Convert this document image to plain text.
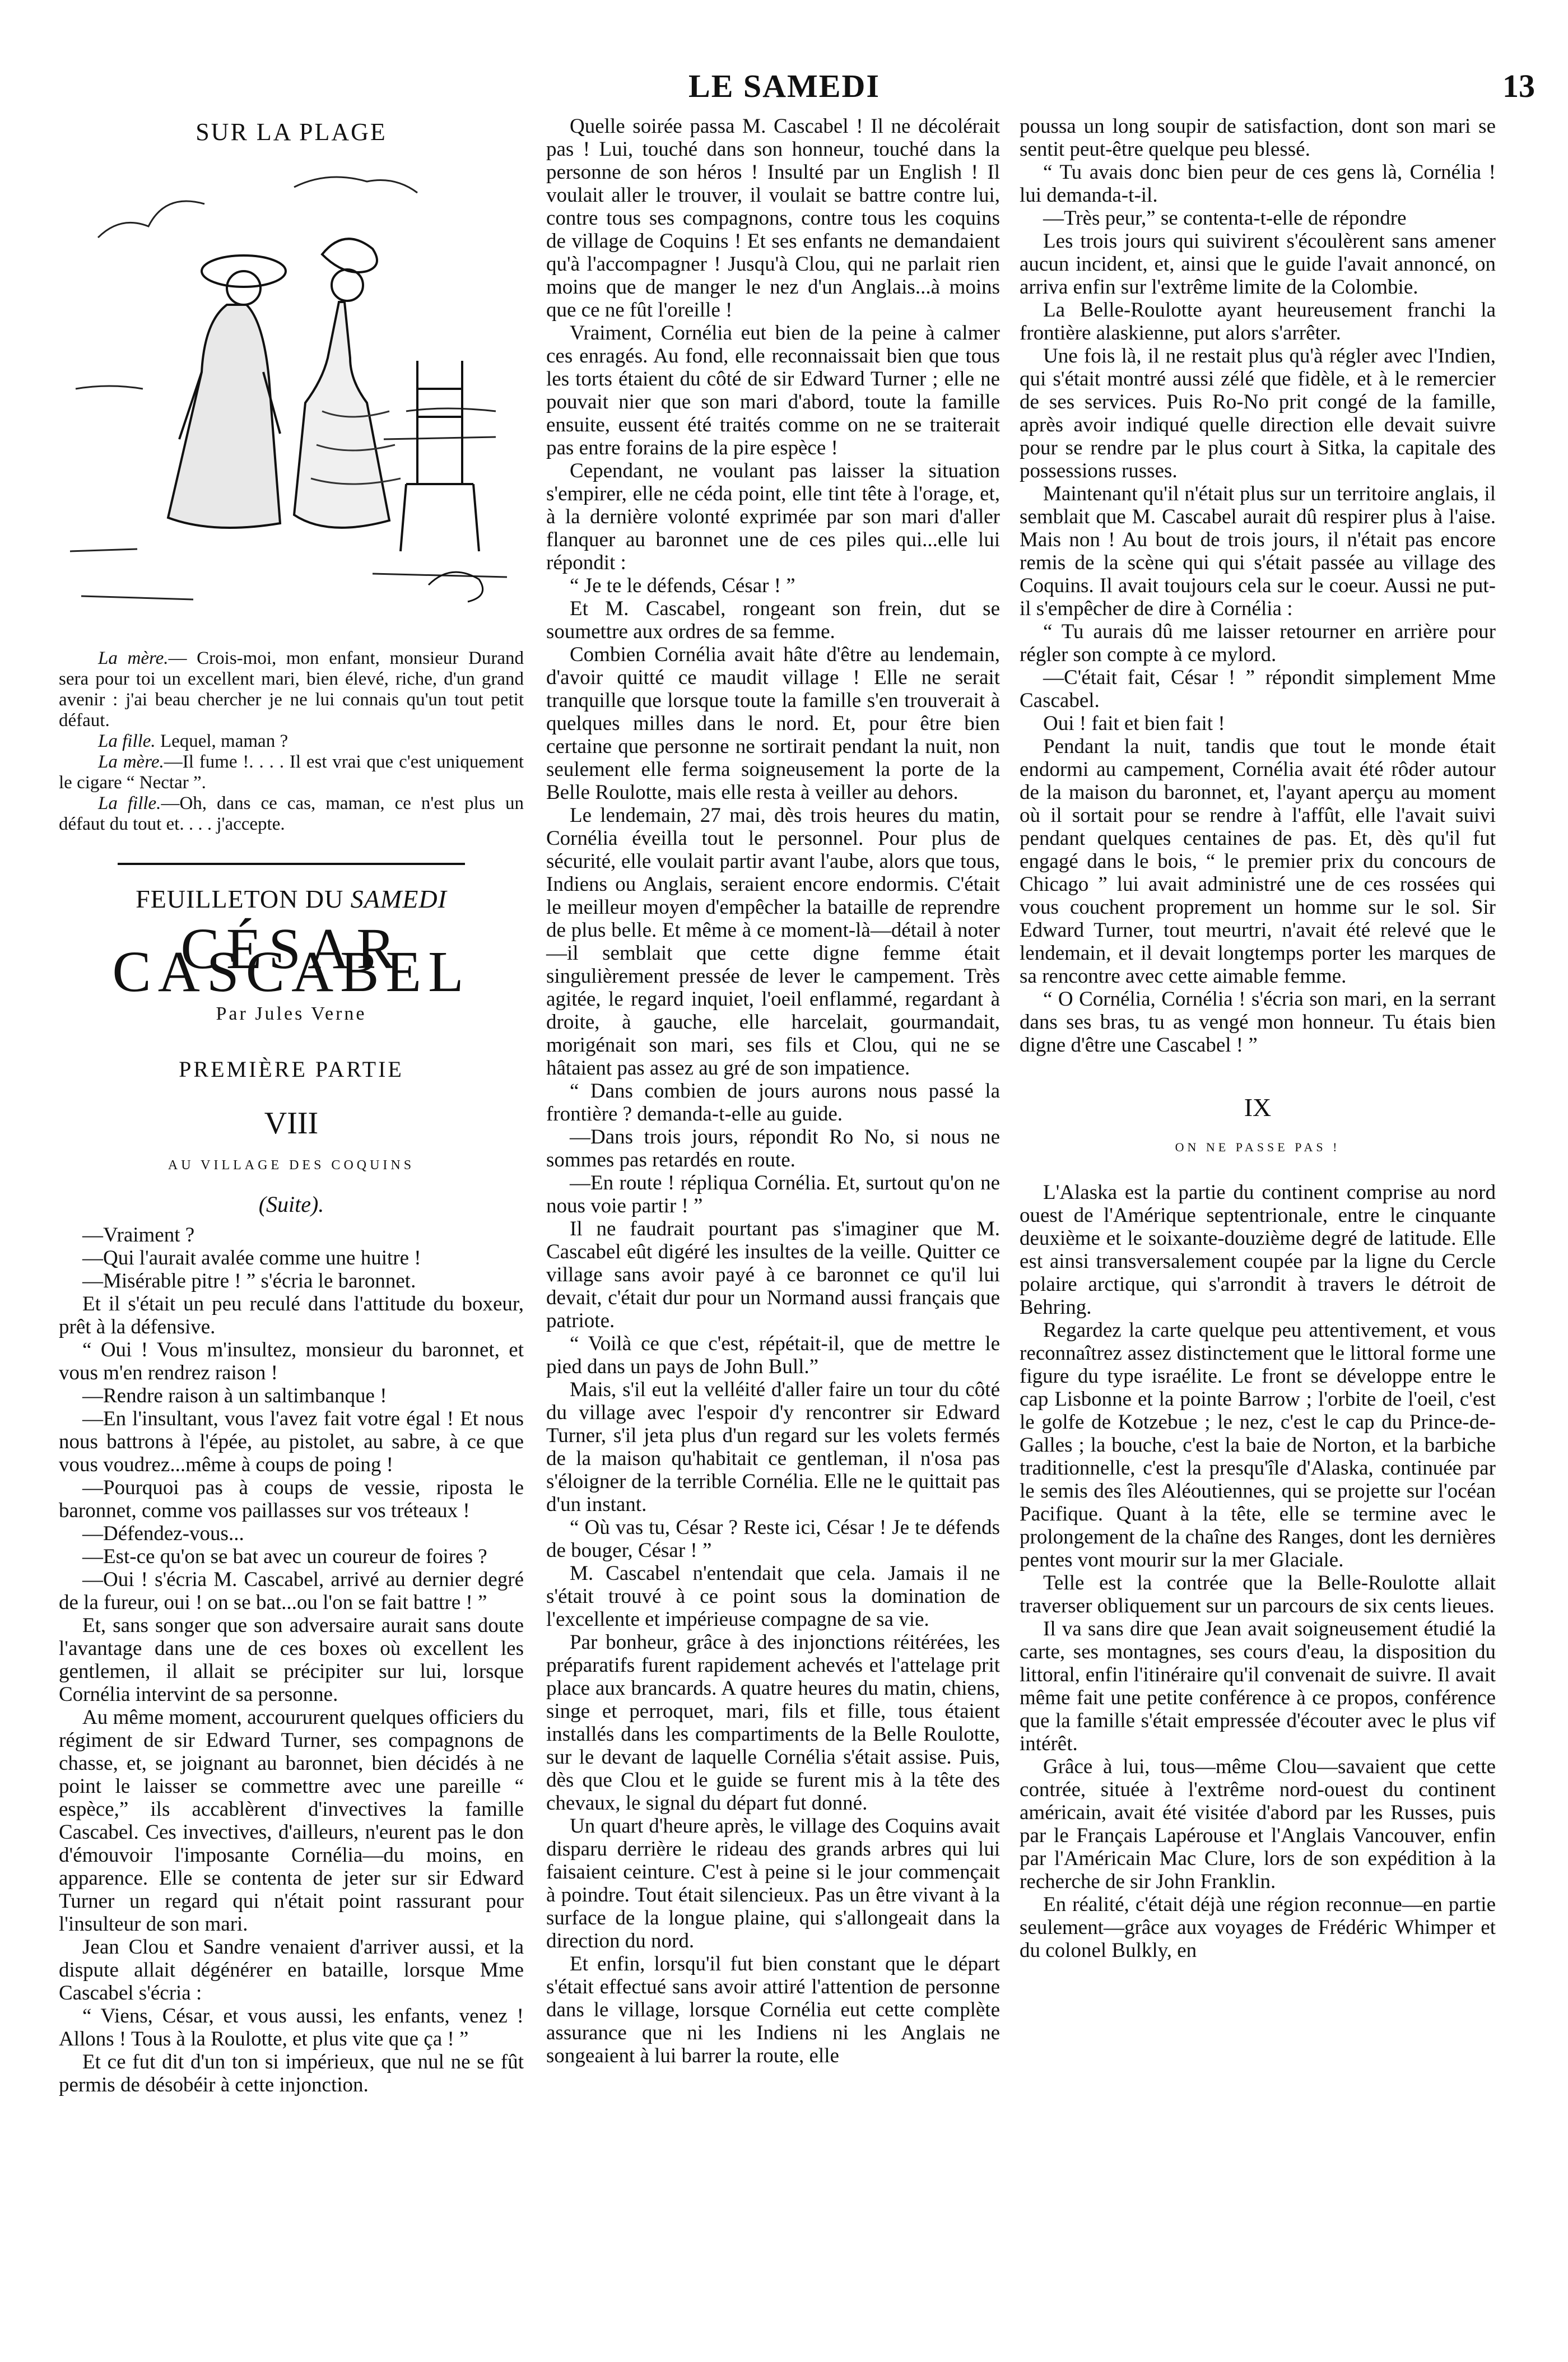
LE SAMEDI	13
SUR LA PLAGE

La mère.— Crois-moi, mon enfant, monsieur Durand sera pour toi un excellent mari, bien élevé, riche, d'un grand avenir : j'ai beau chercher je ne lui connais qu'un tout petit défaut.

La fille. Lequel, maman ?

La mère.—Il fume !. . . . Il est vrai que c'est uniquement le cigare “ Nectar ”.

La fille.—Oh, dans ce cas, maman, ce n'est plus un défaut du tout et. . . . j'accepte.

FEUILLETON DU SAMEDI
CÉSAR CASCABEL
Par Jules Verne
PREMIÈRE PARTIE
VIII
AU VILLAGE DES COQUINS
(Suite).

—Vraiment ?

—Qui l'aurait avalée comme une huitre !

—Misérable pitre ! ” s'écria le baronnet.

Et il s'était un peu reculé dans l'attitude du boxeur, prêt à la défensive.

“ Oui ! Vous m'insultez, monsieur du baronnet, et vous m'en rendrez raison !

—Rendre raison à un saltimbanque !

—En l'insultant, vous l'avez fait votre égal ! Et nous nous battrons à l'épée, au pistolet, au sabre, à ce que vous voudrez...même à coups de poing !

—Pourquoi pas à coups de vessie, riposta le baronnet, comme vos paillasses sur vos tréteaux !

—Défendez-vous...

—Est-ce qu'on se bat avec un coureur de foires ?

—Oui ! s'écria M. Cascabel, arrivé au dernier degré de la fureur, oui ! on se bat...ou l'on se fait battre ! ”

Et, sans songer que son adversaire aurait sans doute l'avantage dans une de ces boxes où excellent les gentlemen, il allait se précipiter sur lui, lorsque Cornélia intervint de sa personne.

Au même moment, accoururent quelques officiers du régiment de sir Edward Turner, ses compagnons de chasse, et, se joignant au baronnet, bien décidés à ne point le laisser se commettre avec une pareille “ espèce,” ils accablèrent d'invectives la famille Cascabel. Ces invectives, d'ailleurs, n'eurent pas le don d'émouvoir l'imposante Cornélia—du moins, en apparence. Elle se contenta de jeter sur sir Edward Turner un regard qui n'était point rassurant pour l'insulteur de son mari.

Jean Clou et Sandre venaient d'arriver aussi, et la dispute allait dégénérer en bataille, lorsque Mme Cascabel s'écria :

“ Viens, César, et vous aussi, les enfants, venez ! Allons ! Tous à la Roulotte, et plus vite que ça ! ”

Et ce fut dit d'un ton si impérieux, que nul ne se fût permis de désobéir à cette injonction.

Quelle soirée passa M. Cascabel ! Il ne décolérait pas ! Lui, touché dans son honneur, touché dans la personne de son héros ! Insulté par un English ! Il voulait aller le trouver, il voulait se battre contre lui, contre tous ses compagnons, contre tous les coquins de village de Coquins ! Et ses enfants ne demandaient qu'à l'accompagner ! Jusqu'à Clou, qui ne parlait rien moins que de manger le nez d'un Anglais...à moins que ce ne fût l'oreille !

Vraiment, Cornélia eut bien de la peine à calmer ces enragés. Au fond, elle reconnaissait bien que tous les torts étaient du côté de sir Edward Turner ; elle ne pouvait nier que son mari d'abord, toute la famille ensuite, eussent été traités comme on ne se traiterait pas entre forains de la pire espèce !

Cependant, ne voulant pas laisser la situation s'empirer, elle ne céda point, elle tint tête à l'orage, et, à la dernière volonté exprimée par son mari d'aller flanquer au baronnet une de ces piles qui...elle lui répondit :

“ Je te le défends, César ! ”

Et M. Cascabel, rongeant son frein, dut se soumettre aux ordres de sa femme.

Combien Cornélia avait hâte d'être au lendemain, d'avoir quitté ce maudit village ! Elle ne serait tranquille que lorsque toute la famille s'en trouverait à quelques milles dans le nord. Et, pour être bien certaine que personne ne sortirait pendant la nuit, non seulement elle ferma soigneusement la porte de la Belle Roulotte, mais elle resta à veiller au dehors.

Le lendemain, 27 mai, dès trois heures du matin, Cornélia éveilla tout le personnel. Pour plus de sécurité, elle voulait partir avant l'aube, alors que tous, Indiens ou Anglais, seraient encore endormis. C'était le meilleur moyen d'empêcher la bataille de reprendre de plus belle. Et même à ce moment-là—détail à noter—il semblait que cette digne femme était singulièrement pressée de lever le campement. Très agitée, le regard inquiet, l'oeil enflammé, regardant à droite, à gauche, elle harcelait, gourmandait, morigénait son mari, ses fils et Clou, qui ne se hâtaient pas assez au gré de son impatience.

“ Dans combien de jours aurons nous passé la frontière ? demanda-t-elle au guide.

—Dans trois jours, répondit Ro No, si nous ne sommes pas retardés en route.

—En route ! répliqua Cornélia. Et, surtout qu'on ne nous voie partir ! ”

Il ne faudrait pourtant pas s'imaginer que M. Cascabel eût digéré les insultes de la veille. Quitter ce village sans avoir payé à ce baronnet ce qu'il lui devait, c'était dur pour un Normand aussi français que patriote.

“ Voilà ce que c'est, répétait-il, que de mettre le pied dans un pays de John Bull.”

Mais, s'il eut la velléité d'aller faire un tour du côté du village avec l'espoir d'y rencontrer sir Edward Turner, s'il jeta plus d'un regard sur les volets fermés de la maison qu'habitait ce gentleman, il n'osa pas s'éloigner de la terrible Cornélia. Elle ne le quittait pas d'un instant.

“ Où vas tu, César ? Reste ici, César ! Je te défends de bouger, César ! ”

M. Cascabel n'entendait que cela. Jamais il ne s'était trouvé à ce point sous la domination de l'excellente et impérieuse compagne de sa vie.

Par bonheur, grâce à des injonctions réitérées, les préparatifs furent rapidement achevés et l'attelage prit place aux brancards. A quatre heures du matin, chiens, singe et perroquet, mari, fils et fille, tous étaient installés dans les compartiments de la Belle Roulotte, sur le devant de laquelle Cornélia s'était assise. Puis, dès que Clou et le guide se furent mis à la tête des chevaux, le signal du départ fut donné.

Un quart d'heure après, le village des Coquins avait disparu derrière le rideau des grands arbres qui lui faisaient ceinture. C'est à peine si le jour commençait à poindre. Tout était silencieux. Pas un être vivant à la surface de la longue plaine, qui s'allongeait dans la direction du nord.

Et enfin, lorsqu'il fut bien constant que le départ s'était effectué sans avoir attiré l'attention de personne dans le village, lorsque Cornélia eut cette complète assurance que ni les Indiens ni les Anglais ne songeaient à lui barrer la route, elle

poussa un long soupir de satisfaction, dont son mari se sentit peut-être quelque peu blessé.

“ Tu avais donc bien peur de ces gens là, Cornélia ! lui demanda-t-il.

—Très peur,” se contenta-t-elle de répondre

Les trois jours qui suivirent s'écoulèrent sans amener aucun incident, et, ainsi que le guide l'avait annoncé, on arriva enfin sur l'extrême limite de la Colombie.

La Belle-Roulotte ayant heureusement franchi la frontière alaskienne, put alors s'arrêter.

Une fois là, il ne restait plus qu'à régler avec l'Indien, qui s'était montré aussi zélé que fidèle, et à le remercier de ses services. Puis Ro-No prit congé de la famille, après avoir indiqué quelle direction elle devait suivre pour se rendre par le plus court à Sitka, la capitale des possessions russes.

Maintenant qu'il n'était plus sur un territoire anglais, il semblait que M. Cascabel aurait dû respirer plus à l'aise. Mais non ! Au bout de trois jours, il n'était pas encore remis de la scène qui qui s'était passée au village des Coquins. Il avait toujours cela sur le coeur. Aussi ne put-il s'empêcher de dire à Cornélia :

“ Tu aurais dû me laisser retourner en arrière pour régler son compte à ce mylord.

—C'était fait, César ! ” répondit simplement Mme Cascabel.

Oui ! fait et bien fait !

Pendant la nuit, tandis que tout le monde était endormi au campement, Cornélia avait été rôder autour de la maison du baronnet, et, l'ayant aperçu au moment où il sortait pour se rendre à l'affût, elle l'avait suivi pendant quelques centaines de pas. Et, dès qu'il fut engagé dans le bois, “ le premier prix du concours de Chicago ” lui avait administré une de ces rossées qui vous couchent proprement un homme sur le sol. Sir Edward Turner, tout meurtri, n'avait été relevé que le lendemain, et il devait longtemps porter les marques de sa rencontre avec cette aimable femme.

“ O Cornélia, Cornélia ! s'écria son mari, en la serrant dans ses bras, tu as vengé mon honneur. Tu étais bien digne d'être une Cascabel ! ”

IX
ON NE PASSE PAS !

L'Alaska est la partie du continent comprise au nord ouest de l'Amérique septentrionale, entre le cinquante deuxième et le soixante-douzième degré de latitude. Elle est ainsi transversalement coupée par la ligne du Cercle polaire arctique, qui s'arrondit à travers le détroit de Behring.

Regardez la carte quelque peu attentivement, et vous reconnaîtrez assez distinctement que le littoral forme une figure du type israélite. Le front se développe entre le cap Lisbonne et la pointe Barrow ; l'orbite de l'oeil, c'est le golfe de Kotzebue ; le nez, c'est le cap du Prince-de-Galles ; la bouche, c'est la baie de Norton, et la barbiche traditionnelle, c'est la presqu'île d'Alaska, continuée par le semis des îles Aléoutiennes, qui se projette sur l'océan Pacifique. Quant à la tête, elle se termine avec le prolongement de la chaîne des Ranges, dont les dernières pentes vont mourir sur la mer Glaciale.

Telle est la contrée que la Belle-Roulotte allait traverser obliquement sur un parcours de six cents lieues.

Il va sans dire que Jean avait soigneusement étudié la carte, ses montagnes, ses cours d'eau, la disposition du littoral, enfin l'itinéraire qu'il convenait de suivre. Il avait même fait une petite conférence à ce propos, conférence que la famille s'était empressée d'écouter avec le plus vif intérêt.

Grâce à lui, tous—même Clou—savaient que cette contrée, située à l'extrême nord-ouest du continent américain, avait été visitée d'abord par les Russes, puis par le Français Lapérouse et l'Anglais Vancouver, enfin par l'Américain Mac Clure, lors de son expédition à la recherche de sir John Franklin.

En réalité, c'était déjà une région reconnue—en partie seulement—grâce aux voyages de Frédéric Whimper et du colonel Bulkly, en
